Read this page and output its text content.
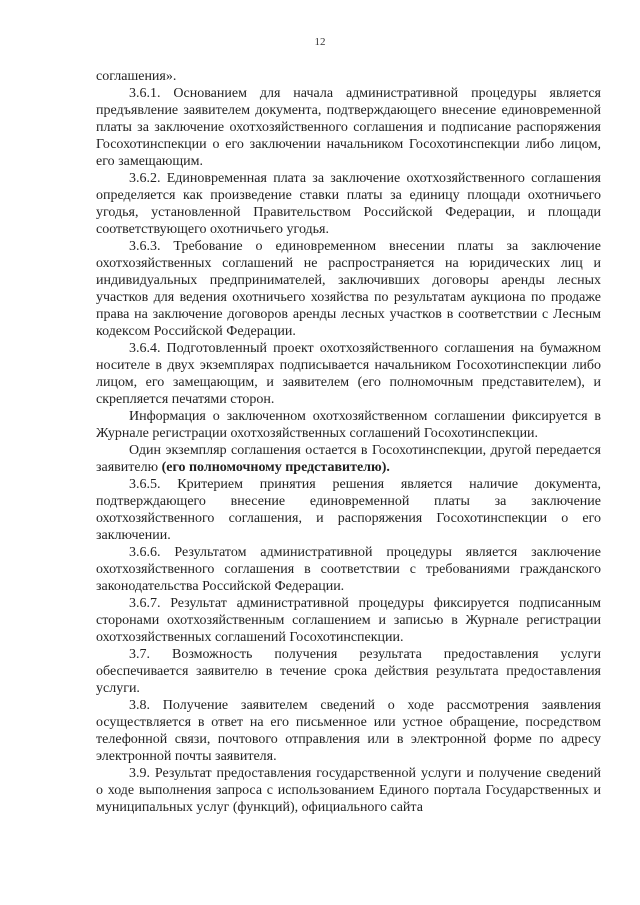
12

соглашения».

3.6.1. Основанием для начала административной процедуры является предъявление заявителем документа, подтверждающего внесение единовременной платы за заключение охотхозяйственного соглашения и подписание распоряжения Госохотинспекции о его заключении начальником Госохотинспекции либо лицом, его замещающим.

3.6.2. Единовременная плата за заключение охотхозяйственного соглашения определяется как произведение ставки платы за единицу площади охотничьего угодья, установленной Правительством Российской Федерации, и площади соответствующего охотничьего угодья.

3.6.3. Требование о единовременном внесении платы за заключение охотхозяйственных соглашений не распространяется на юридических лиц и индивидуальных предпринимателей, заключивших договоры аренды лесных участков для ведения охотничьего хозяйства по результатам аукциона по продаже права на заключение договоров аренды лесных участков в соответствии с Лесным кодексом Российской Федерации.

3.6.4. Подготовленный проект охотхозяйственного соглашения на бумажном носителе в двух экземплярах подписывается начальником Госохотинспекции либо лицом, его замещающим, и заявителем (его полномочным представителем), и скрепляется печатями сторон.

Информация о заключенном охотхозяйственном соглашении фиксируется в Журнале регистрации охотхозяйственных соглашений Госохотинспекции.

Один экземпляр соглашения остается в Госохотинспекции, другой передается заявителю (его полномочному представителю).

3.6.5. Критерием принятия решения является наличие документа, подтверждающего внесение единовременной платы за заключение охотхозяйственного соглашения, и распоряжения Госохотинспекции о его заключении.

3.6.6. Результатом административной процедуры является заключение охотхозяйственного соглашения в соответствии с требованиями гражданского законодательства Российской Федерации.

3.6.7. Результат административной процедуры фиксируется подписанным сторонами охотхозяйственным соглашением и записью в Журнале регистрации охотхозяйственных соглашений Госохотинспекции.

3.7. Возможность получения результата предоставления услуги обеспечивается заявителю в течение срока действия результата предоставления услуги.

3.8. Получение заявителем сведений о ходе рассмотрения заявления осуществляется в ответ на его письменное или устное обращение, посредством телефонной связи, почтового отправления или в электронной форме по адресу электронной почты заявителя.

3.9. Результат предоставления государственной услуги и получение сведений о ходе выполнения запроса с использованием Единого портала Государственных и муниципальных услуг (функций), официального сайта
